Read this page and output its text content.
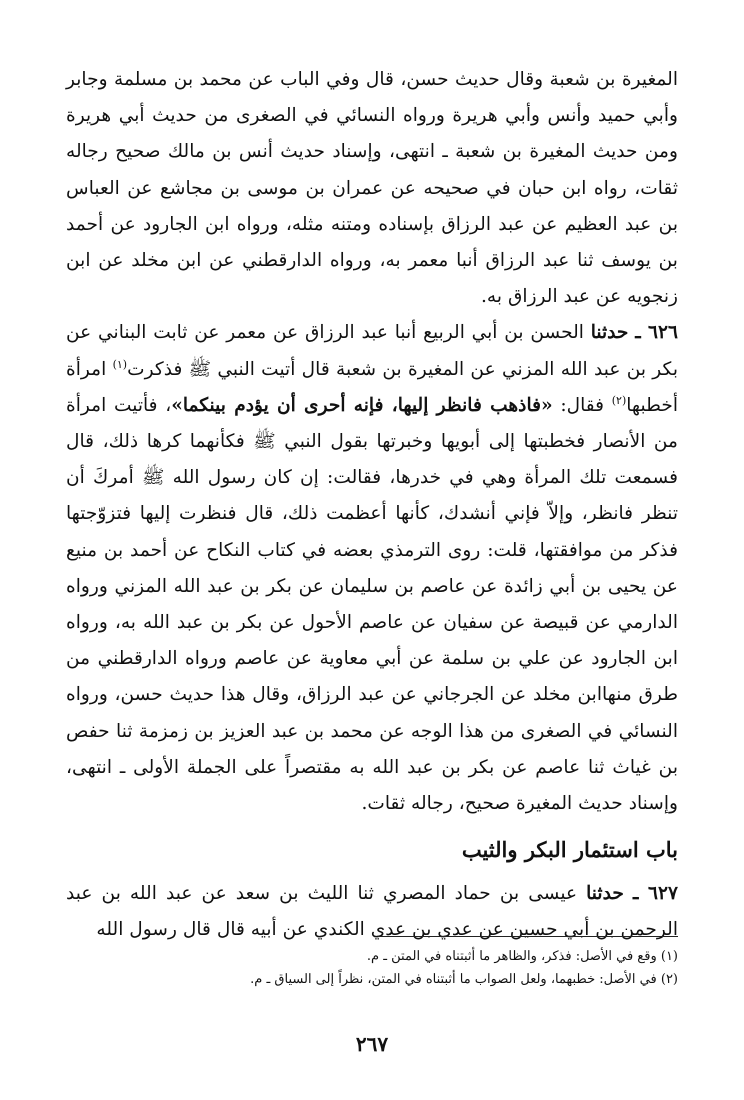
المغيرة بن شعبة وقال حديث حسن، قال وفي الباب عن محمد بن مسلمة وجابر وأبي حميد وأنس وأبي هريرة ورواه النسائي في الصغرى من حديث أبي هريرة ومن حديث المغيرة بن شعبة ـ انتهى، وإسناد حديث أنس بن مالك صحيح رجاله ثقات، رواه ابن حبان في صحيحه عن عمران بن موسى بن مجاشع عن العباس بن عبد العظيم عن عبد الرزاق بإسناده ومتنه مثله، ورواه ابن الجارود عن أحمد بن يوسف ثنا عبد الرزاق أنبا معمر به، ورواه الدارقطني عن ابن مخلد عن ابن زنجويه عن عبد الرزاق به.

٦٢٦ ـ حدثنا الحسن بن أبي الربيع أنبا عبد الرزاق عن معمر عن ثابت البناني عن بكر بن عبد الله المزني عن المغيرة بن شعبة قال أتيت النبي ﷺ فذكرت$^{(١)}$ امرأة أخطبها$^{(٢)}$ فقال: «فاذهب فانظر إليها، فإنه أحرى أن يؤدم بينكما»، فأتيت امرأة من الأنصار فخطبتها إلى أبويها وخبرتها بقول النبي ﷺ فكأنهما كرها ذلك، قال فسمعت تلك المرأة وهي في خدرها، فقالت: إن كان رسول الله ﷺ أمركَ أن تنظر فانظر، وإلاّ فإني أنشدك، كأنها أعظمت ذلك، قال فنظرت إليها فتزوّجتها فذكر من موافقتها، قلت: روى الترمذي بعضه في كتاب النكاح عن أحمد بن منيع عن يحيى بن أبي زائدة عن عاصم بن سليمان عن بكر بن عبد الله المزني ورواه الدارمي عن قبيصة عن سفيان عن عاصم الأحول عن بكر بن عبد الله به، ورواه ابن الجارود عن علي بن سلمة عن أبي معاوية عن عاصم ورواه الدارقطني من طرق منهاابن مخلد عن الجرجاني عن عبد الرزاق، وقال هذا حديث حسن، ورواه النسائي في الصغرى من هذا الوجه عن محمد بن عبد العزيز بن زمزمة ثنا حفص بن غياث ثنا عاصم عن بكر بن عبد الله به مقتصراً على الجملة الأولى ـ انتهى، وإسناد حديث المغيرة صحيح، رجاله ثقات.

باب استئمار البكر والثيب

٦٢٧ ـ حدثنا عيسى بن حماد المصري ثنا الليث بن سعد عن عبد الله بن عبد الرحمن بن أبي حسين عن عدي بن عدي الكندي عن أبيه قال قال رسول الله

(١) وقع في الأصل: فذكر، والظاهر ما أثبتناه في المتن ـ م.

(٢) في الأصل: خطبهما، ولعل الصواب ما أثبتناه في المتن، نظراً إلى السياق ـ م.

٢٦٧
